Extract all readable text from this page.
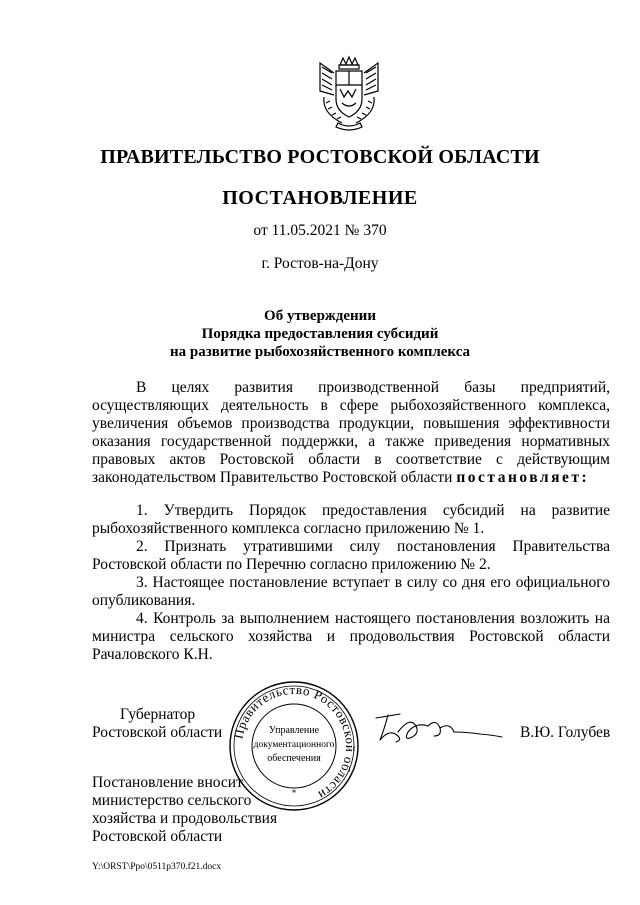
ПРАВИТЕЛЬСТВО РОСТОВСКОЙ ОБЛАСТИ
ПОСТАНОВЛЕНИЕ
от 11.05.2021 № 370
г. Ростов-на-Дону
Об утверждении
Порядка предоставления субсидий
на развитие рыбохозяйственного комплекса

В целях развития производственной базы предприятий, осуществляющих деятельность в сфере рыбохозяйственного комплекса, увеличения объемов производства продукции, повышения эффективности оказания государственной поддержки, а также приведения нормативных правовых актов Ростовской области в соответствие с действующим законодательством Правительство Ростовской области постановляет:

1. Утвердить Порядок предоставления субсидий на развитие рыбохозяйственного комплекса согласно приложению № 1.

2. Признать утратившими силу постановления Правительства Ростовской области по Перечню согласно приложению № 2.

3. Настоящее постановление вступает в силу со дня его официального опубликования.

4. Контроль за выполнением настоящего постановления возложить на министра сельского хозяйства и продовольствия Ростовской области Рачаловского К.Н.

Губернатор
Ростовской области Правительство Ростовской области
Управление
документационного
обеспечения
*
В.Ю. Голубев
Постановление вносит
министерство сельского
хозяйства и продовольствия
Ростовской области
Y:\ORST\Ppo\0511p370.f21.docx
